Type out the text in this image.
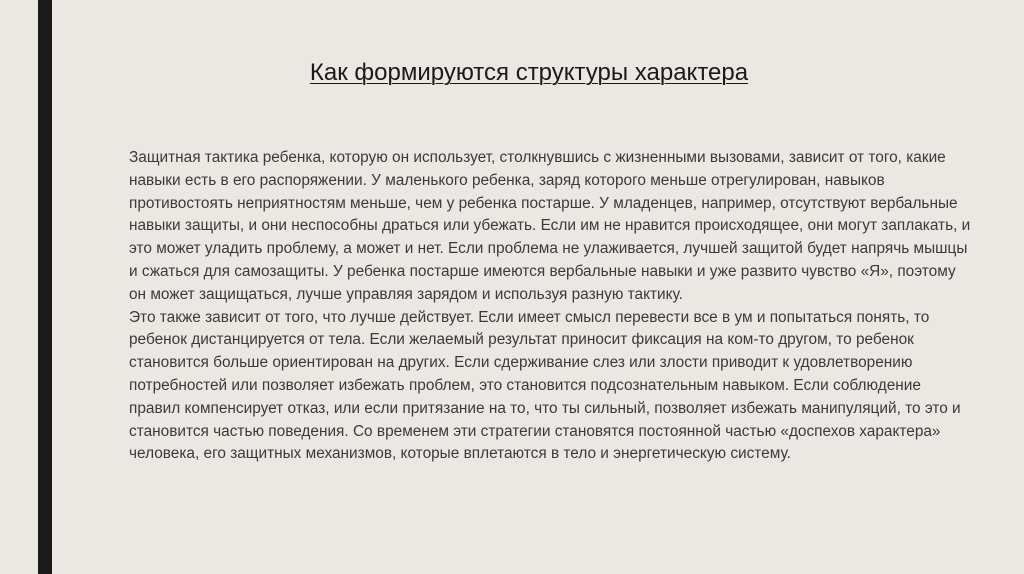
Как формируются структуры характера

Защитная тактика ребенка, которую он использует, столкнувшись с жизненными вызовами, зависит от того, какие навыки есть в его распоряжении. У маленького ребенка, заряд которого меньше отрегулирован, навыков противостоять неприятностям меньше, чем у ребенка постарше. У младенцев, например, отсутствуют вербальные навыки защиты, и они неспособны драться или убежать. Если им не нравится происходящее, они могут заплакать, и это может уладить проблему, а может и нет. Если проблема не улаживается, лучшей защитой будет напрячь мышцы и сжаться для самозащиты. У ребенка постарше имеются вербальные навыки и уже развито чувство «Я», поэтому он может защищаться, лучше управляя зарядом и используя разную тактику.

Это также зависит от того, что лучше действует. Если имеет смысл перевести все в ум и попытаться понять, то ребенок дистанцируется от тела. Если желаемый результат приносит фиксация на ком-то другом, то ребенок становится больше ориентирован на других. Если сдерживание слез или злости приводит к удовлетворению потребностей или позволяет избежать проблем, это становится подсознательным навыком. Если соблюдение правил компенсирует отказ, или если притязание на то, что ты сильный, позволяет избежать манипуляций, то это и становится частью поведения. Со временем эти стратегии становятся постоянной частью «доспехов характера» человека, его защитных механизмов, которые вплетаются в тело и энергетическую систему.
